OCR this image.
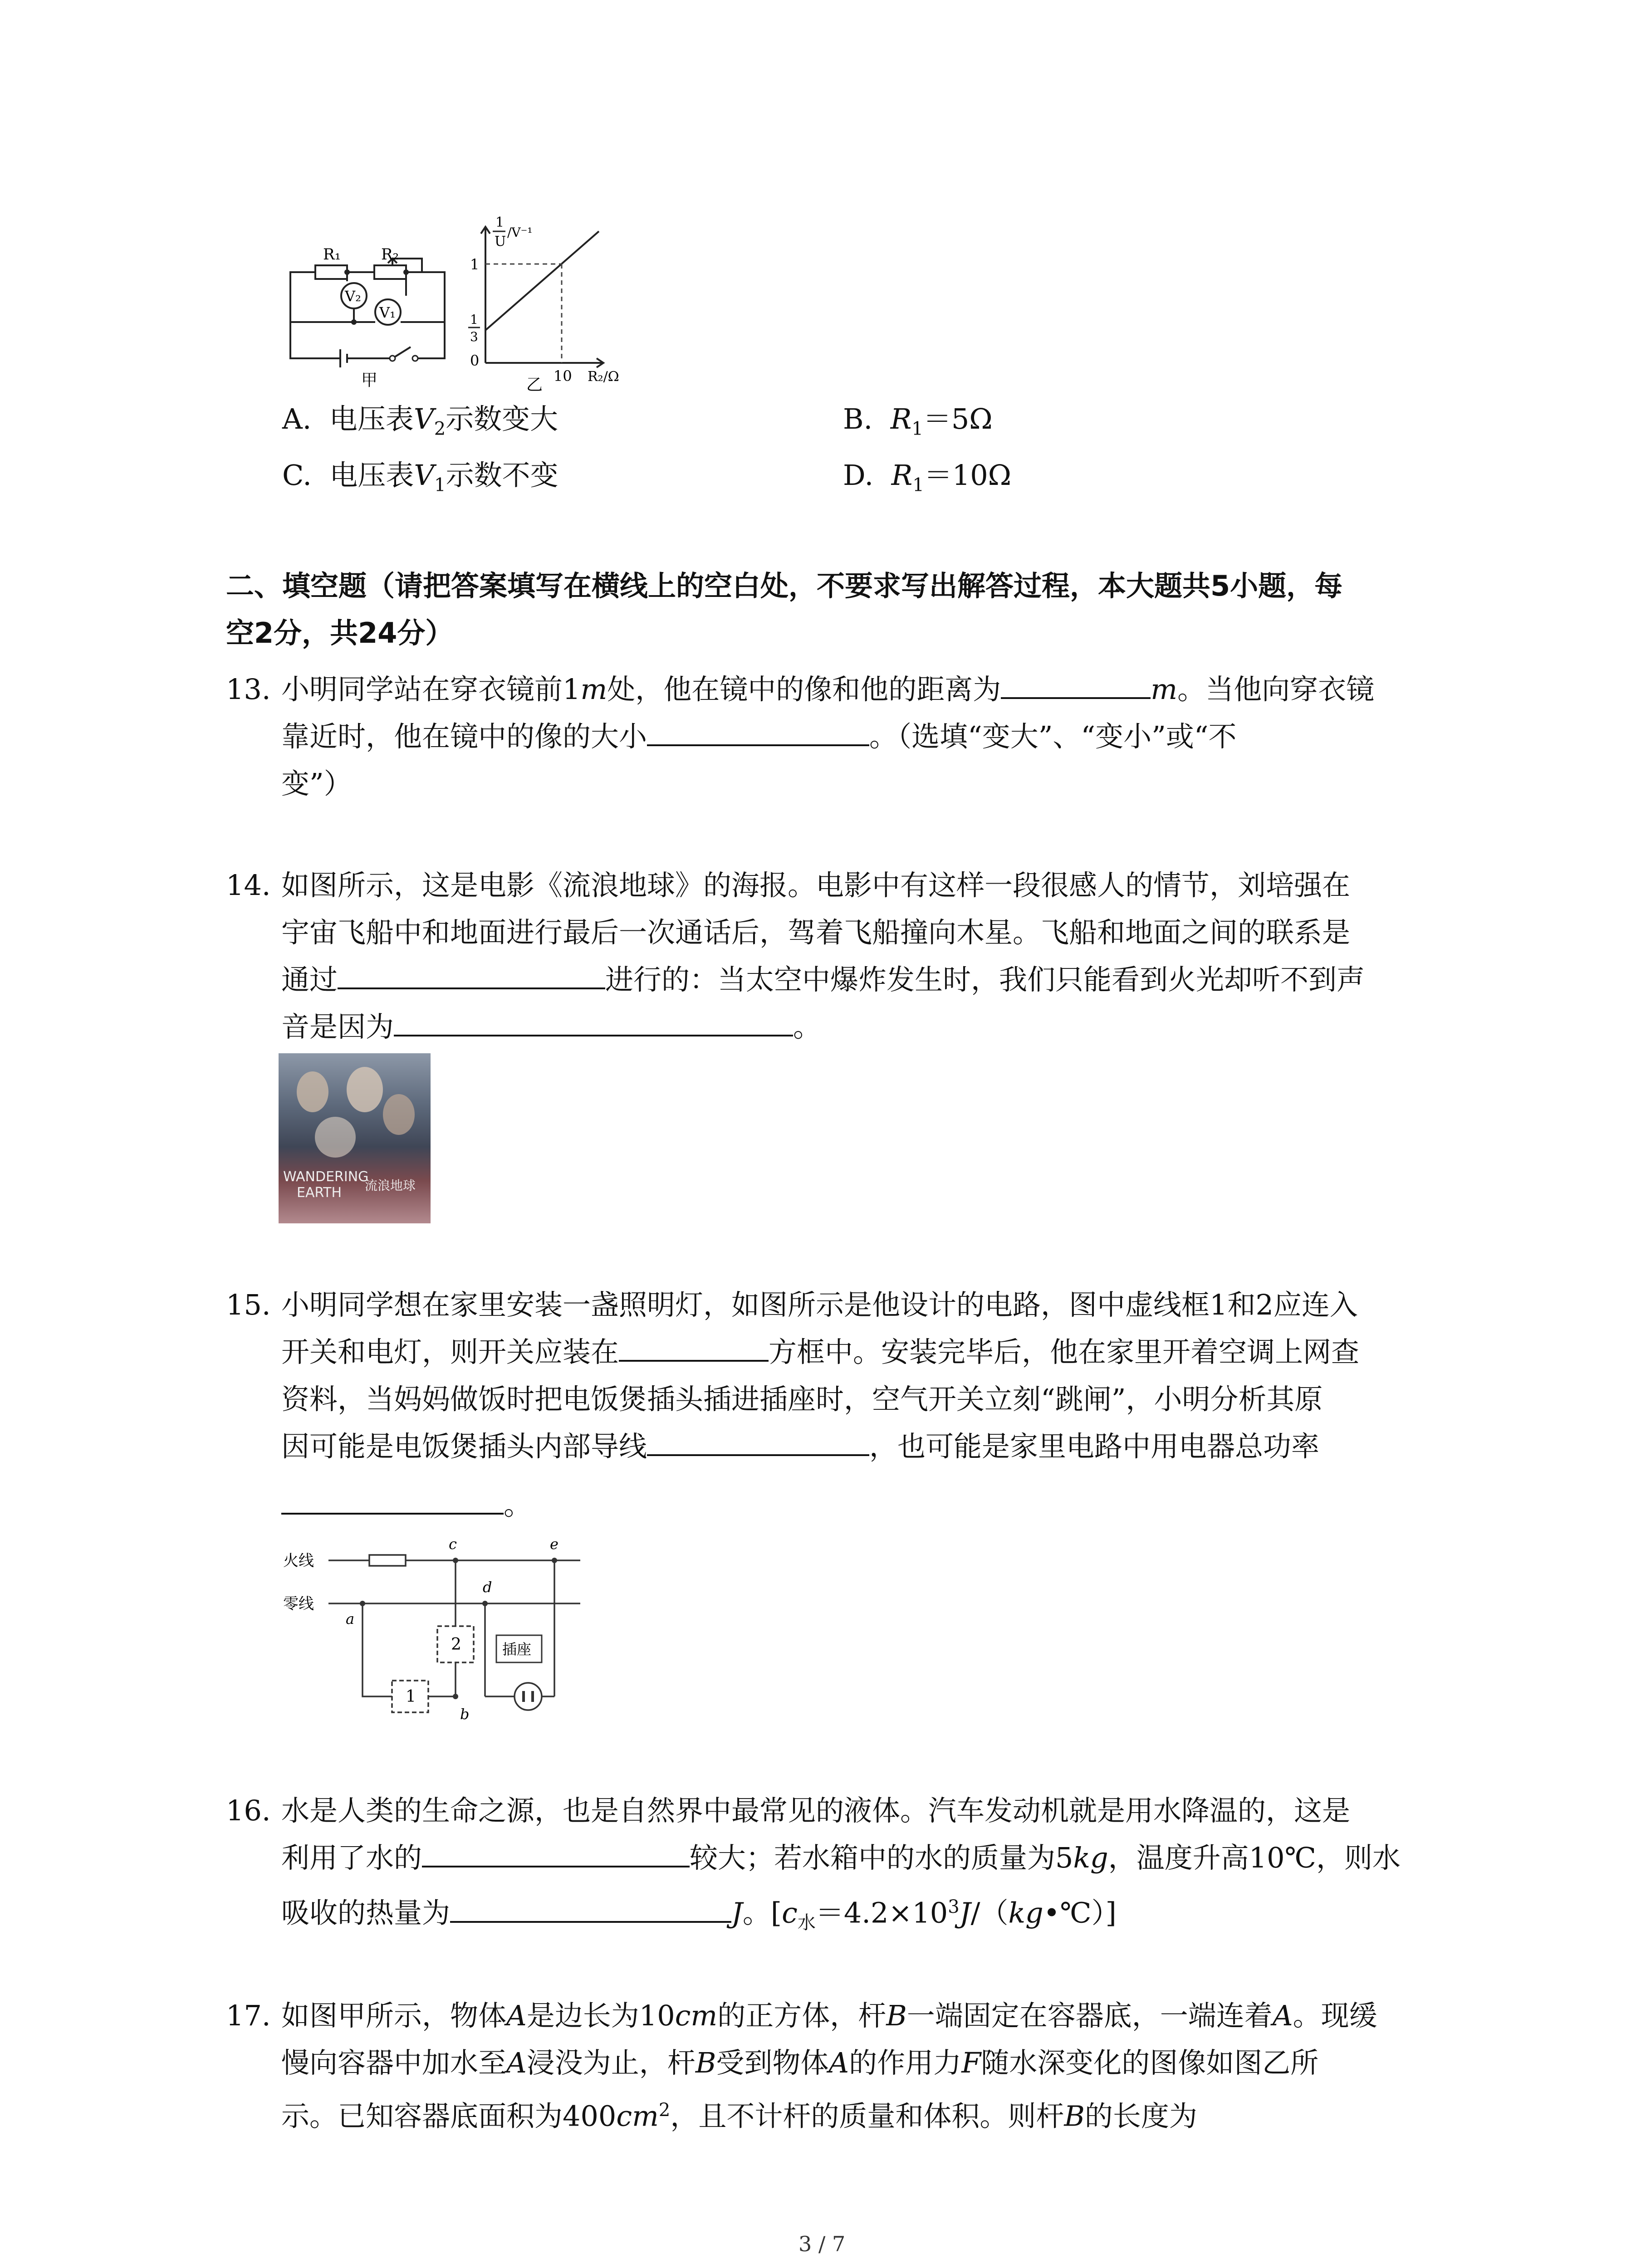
R₁	R₂
V₂
V₁
甲
1
U
/V⁻¹
1
1
3
0
10 R₂/Ω
乙
A. 电压表$V_2$示数变大	B. $R_1=5\Omega$
C. 电压表$V_1$示数不变	D. $R_1=10\Omega$
二、填空题（请把答案填写在横线上的空白处，不要求写出解答过程，本大题共5小题，每
空2分，共24分）
13. 小明同学站在穿衣镜前1m处，他在镜中的像和他的距离为	m。当他向穿衣镜
靠近时，他在镜中的像的大小	。（选填“变大”、“变小”或“不
变”）
14. 如图所示，这是电影《流浪地球》的海报。电影中有这样一段很感人的情节，刘培强在
宇宙飞船中和地面进行最后一次通话后，驾着飞船撞向木星。飞船和地面之间的联系是
通过	进行的：当太空中爆炸发生时，我们只能看到火光却听不到声
音是因为	。
WANDERING
EARTH 流浪地球
15. 小明同学想在家里安装一盏照明灯，如图所示是他设计的电路，图中虚线框1和2应连入
开关和电灯，则开关应装在	方框中。安装完毕后，他在家里开着空调上网查
资料，当妈妈做饭时把电饭煲插头插进插座时，空气开关立刻“跳闸”，小明分析其原
因可能是电饭煲插头内部导线	，也可能是家里电路中用电器总功率
。
火线
零线
a
b
c
d
e
1
2	插座
16. 水是人类的生命之源，也是自然界中最常见的液体。汽车发动机就是用水降温的，这是
利用了水的	较大；若水箱中的水的质量为5kg，温度升高10℃，则水
吸收的热量为	J。$[c_水=4.2\times 10^3J/(kg•℃)]$
17. 如图甲所示，物体A是边长为10cm的正方体，杆B一端固定在容器底，一端连着A。现缓
慢向容器中加水至A浸没为止，杆B受到物体A的作用力F随水深变化的图像如图乙所
示。已知容器底面积为$400cm^2$，且不计杆的质量和体积。则杆B的长度为
3 / 7
